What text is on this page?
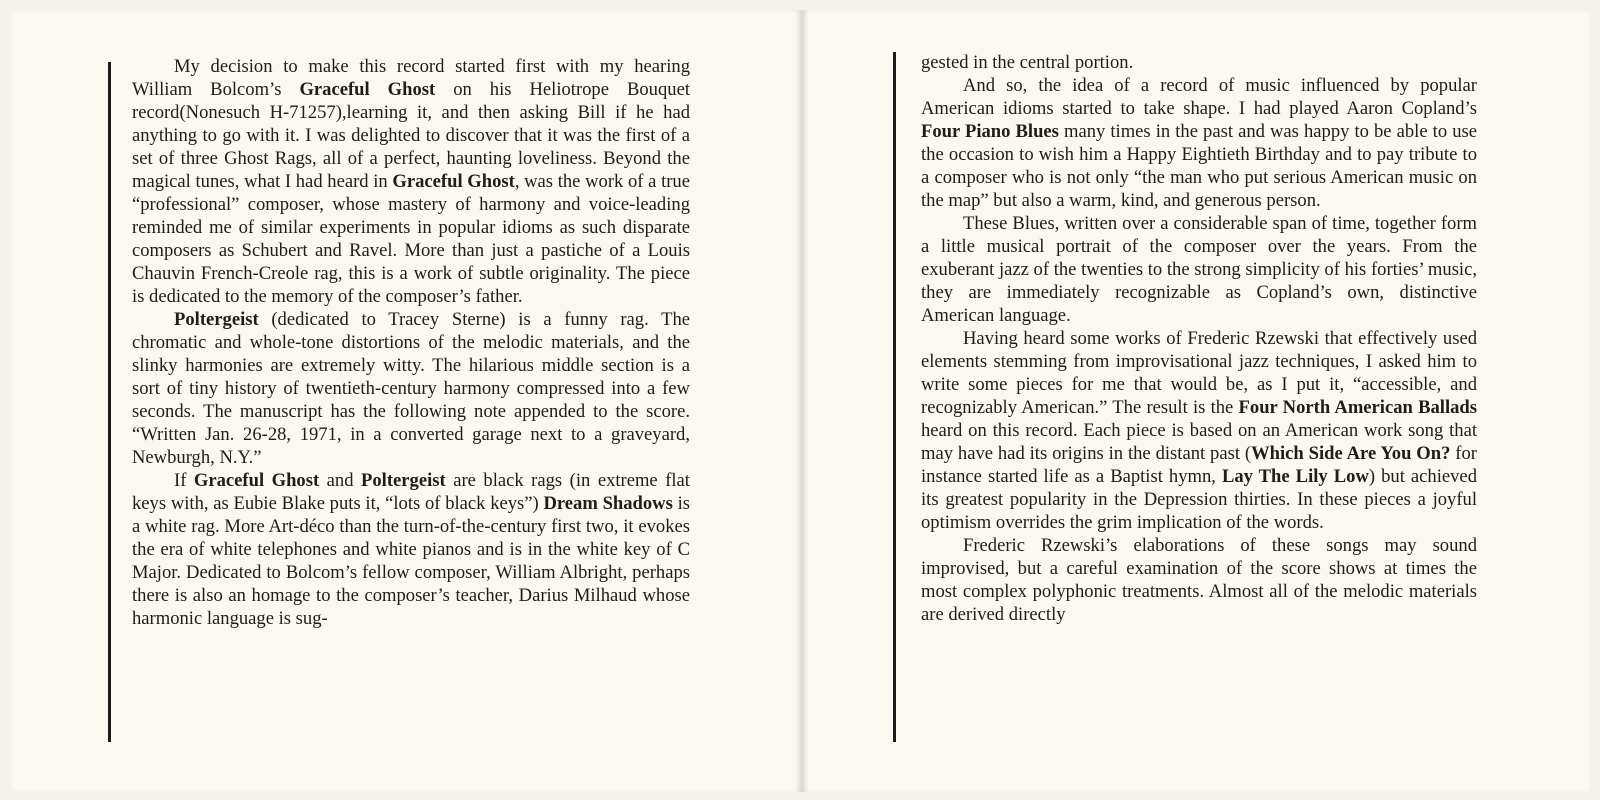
My decision to make this record started first with my hearing William Bolcom’s Graceful Ghost on his Heliotrope Bouquet record(Nonesuch H-71257),learning it, and then asking Bill if he had anything to go with it. I was delighted to discover that it was the first of a set of three Ghost Rags, all of a perfect, haunting loveliness. Beyond the magical tunes, what I had heard in Graceful Ghost, was the work of a true “professional” composer, whose mastery of harmony and voice-leading reminded me of similar experiments in popular idioms as such disparate composers as Schubert and Ravel. More than just a pastiche of a Louis Chauvin French-Creole rag, this is a work of subtle originality. The piece is dedicated to the memory of the composer’s father.

Poltergeist (dedicated to Tracey Sterne) is a funny rag. The chromatic and whole-tone distortions of the melodic materials, and the slinky harmonies are extremely witty. The hilarious middle section is a sort of tiny history of twentieth-century harmony compressed into a few seconds. The manuscript has the following note appended to the score. “Written Jan. 26-28, 1971, in a converted garage next to a graveyard, Newburgh, N.Y.”

If Graceful Ghost and Poltergeist are black rags (in extreme flat keys with, as Eubie Blake puts it, “lots of black keys”) Dream Shadows is a white rag. More Art-déco than the turn-of-the-century first two, it evokes the era of white telephones and white pianos and is in the white key of C Major. Dedicated to Bolcom’s fellow composer, William Albright, perhaps there is also an homage to the composer’s teacher, Darius Milhaud whose harmonic language is sug-

gested in the central portion.

And so, the idea of a record of music influenced by popular American idioms started to take shape. I had played Aaron Copland’s Four Piano Blues many times in the past and was happy to be able to use the occasion to wish him a Happy Eightieth Birthday and to pay tribute to a composer who is not only “the man who put serious American music on the map” but also a warm, kind, and generous person.

These Blues, written over a considerable span of time, together form a little musical portrait of the composer over the years. From the exuberant jazz of the twenties to the strong simplicity of his forties’ music, they are immediately recognizable as Copland’s own, distinctive American language.

Having heard some works of Frederic Rzewski that effectively used elements stemming from improvisational jazz techniques, I asked him to write some pieces for me that would be, as I put it, “accessible, and recognizably American.” The result is the Four North American Ballads heard on this record. Each piece is based on an American work song that may have had its origins in the distant past (Which Side Are You On? for instance started life as a Baptist hymn, Lay The Lily Low) but achieved its greatest popularity in the Depression thirties. In these pieces a joyful optimism overrides the grim implication of the words.

Frederic Rzewski’s elaborations of these songs may sound improvised, but a careful examination of the score shows at times the most complex polyphonic treatments. Almost all of the melodic materials are derived directly
